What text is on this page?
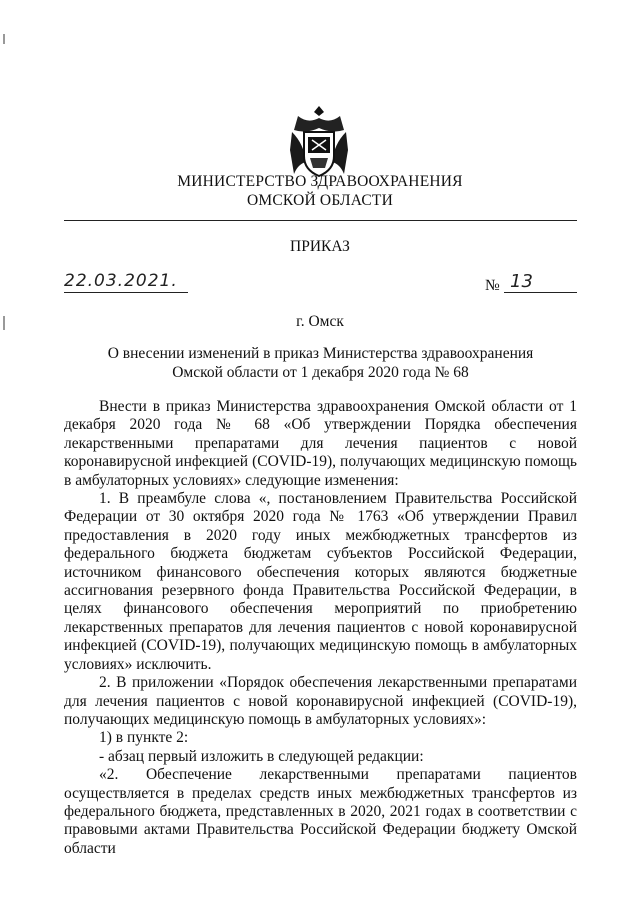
МИНИСТЕРСТВО ЗДРАВООХРАНЕНИЯ
ОМСКОЙ ОБЛАСТИ
ПРИКАЗ
22.03.2021.	№ 13
г. Омск
О внесении изменений в приказ Министерства здравоохранения
Омской области от 1 декабря 2020 года № 68

Внести в приказ Министерства здравоохранения Омской области от 1 декабря 2020 года № 68 «Об утверждении Порядка обеспечения лекарственными препаратами для лечения пациентов с новой коронавирусной инфекцией (COVID-19), получающих медицинскую помощь в амбулаторных условиях» следующие изменения:

1. В преамбуле слова «, постановлением Правительства Российской Федерации от 30 октября 2020 года № 1763 «Об утверждении Правил предоставления в 2020 году иных межбюджетных трансфертов из федерального бюджета бюджетам субъектов Российской Федерации, источником финансового обеспечения которых являются бюджетные ассигнования резервного фонда Правительства Российской Федерации, в целях финансового обеспечения мероприятий по приобретению лекарственных препаратов для лечения пациентов с новой коронавирусной инфекцией (COVID-19), получающих медицинскую помощь в амбулаторных условиях» исключить.

2. В приложении «Порядок обеспечения лекарственными препаратами для лечения пациентов с новой коронавирусной инфекцией (COVID-19), получающих медицинскую помощь в амбулаторных условиях»:

1) в пункте 2:

- абзац первый изложить в следующей редакции:

«2. Обеспечение лекарственными препаратами пациентов осуществляется в пределах средств иных межбюджетных трансфертов из федерального бюджета, представленных в 2020, 2021 годах в соответствии с правовыми актами Правительства Российской Федерации бюджету Омской области
